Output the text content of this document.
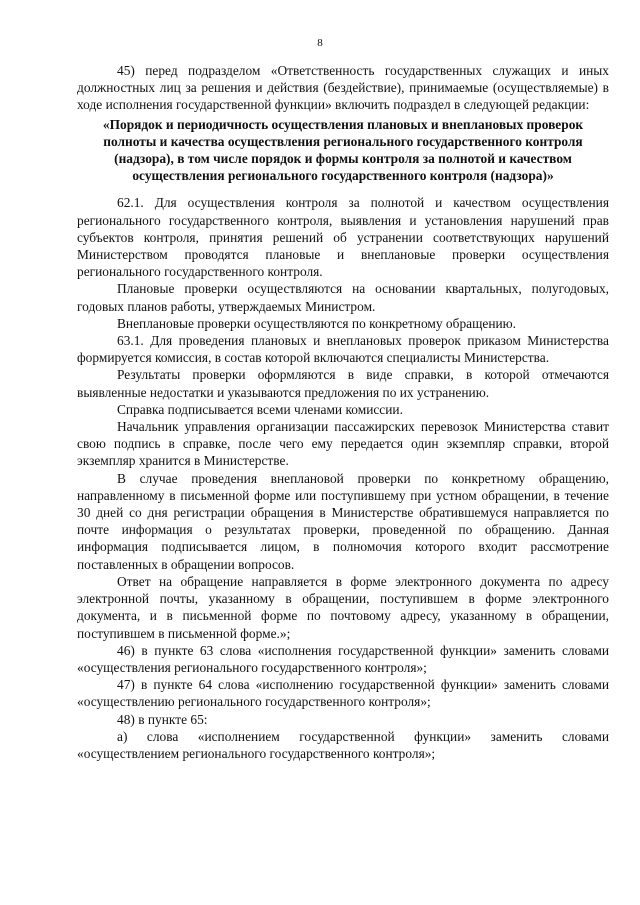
8

45) перед подразделом «Ответственность государственных служащих и иных должностных лиц за решения и действия (бездействие), принимаемые (осуществляемые) в ходе исполнения государственной функции» включить подраздел в следующей редакции:

«Порядок и периодичность осуществления плановых и внеплановых проверок полноты и качества осуществления регионального государственного контроля (надзора), в том числе порядок и формы контроля за полнотой и качеством осуществления регионального государственного контроля (надзора)»

62.1. Для осуществления контроля за полнотой и качеством осуществления регионального государственного контроля, выявления и установления нарушений прав субъектов контроля, принятия решений об устранении соответствующих нарушений Министерством проводятся плановые и внеплановые проверки осуществления регионального государственного контроля.

Плановые проверки осуществляются на основании квартальных, полугодовых, годовых планов работы, утверждаемых Министром.

Внеплановые проверки осуществляются по конкретному обращению.

63.1. Для проведения плановых и внеплановых проверок приказом Министерства формируется комиссия, в состав которой включаются специалисты Министерства.

Результаты проверки оформляются в виде справки, в которой отмечаются выявленные недостатки и указываются предложения по их устранению.

Справка подписывается всеми членами комиссии.

Начальник управления организации пассажирских перевозок Министерства ставит свою подпись в справке, после чего ему передается один экземпляр справки, второй экземпляр хранится в Министерстве.

В случае проведения внеплановой проверки по конкретному обращению, направленному в письменной форме или поступившему при устном обращении, в течение 30 дней со дня регистрации обращения в Министерстве обратившемуся направляется по почте информация о результатах проверки, проведенной по обращению. Данная информация подписывается лицом, в полномочия которого входит рассмотрение поставленных в обращении вопросов.

Ответ на обращение направляется в форме электронного документа по адресу электронной почты, указанному в обращении, поступившем в форме электронного документа, и в письменной форме по почтовому адресу, указанному в обращении, поступившем в письменной форме.»;

46) в пункте 63 слова «исполнения государственной функции» заменить словами «осуществления регионального государственного контроля»;

47) в пункте 64 слова «исполнению государственной функции» заменить словами «осуществлению регионального государственного контроля»;

48) в пункте 65:

а) слова «исполнением государственной функции» заменить словами «осуществлением регионального государственного контроля»;
